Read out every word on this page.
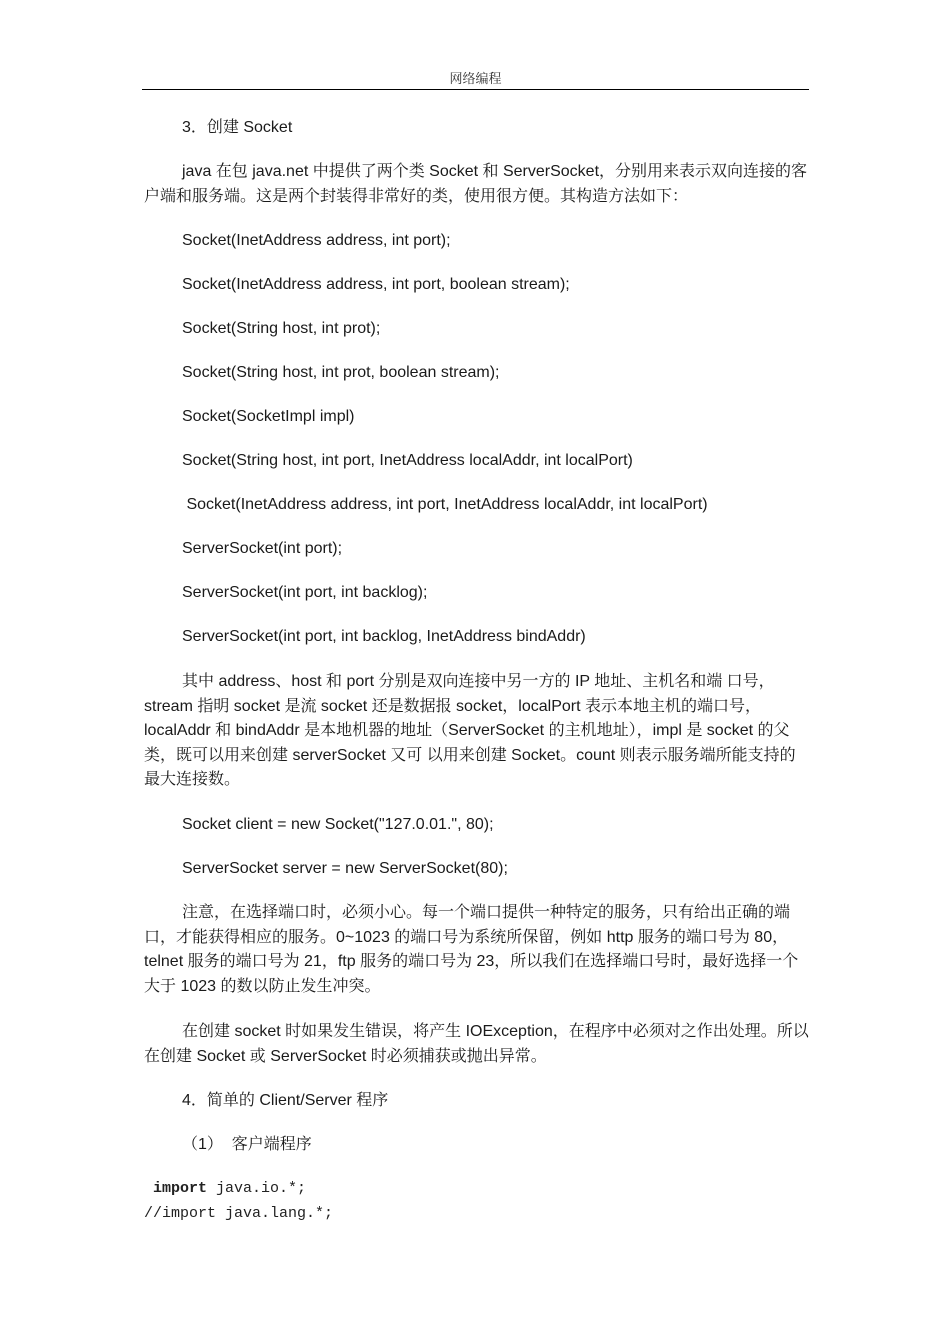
网络编程
3．创建 Socket
java 在包 java.net 中提供了两个类 Socket 和 ServerSocket，分别用来表示双向连接的客户端和服务端。这是两个封装得非常好的类，使用很方便。其构造方法如下：
Socket(InetAddress address, int port);
Socket(InetAddress address, int port, boolean stream);
Socket(String host, int prot);
Socket(String host, int prot, boolean stream);
Socket(SocketImpl impl)
Socket(String host, int port, InetAddress localAddr, int localPort)
Socket(InetAddress address, int port, InetAddress localAddr, int localPort)
ServerSocket(int port);
ServerSocket(int port, int backlog);
ServerSocket(int port, int backlog, InetAddress bindAddr)
其中 address、host 和 port 分别是双向连接中另一方的 IP 地址、主机名和端 口号，stream 指明 socket 是流 socket 还是数据报 socket，localPort 表示本地主机的端口号，localAddr 和 bindAddr 是本地机器的地址（ServerSocket 的主机地址），impl 是 socket 的父类，既可以用来创建 serverSocket 又可 以用来创建 Socket。count 则表示服务端所能支持的最大连接数。
Socket client = new Socket("127.0.01.", 80);
ServerSocket server = new ServerSocket(80);
注意，在选择端口时，必须小心。每一个端口提供一种特定的服务，只有给出正确的端口，才能获得相应的服务。0~1023 的端口号为系统所保留，例如 http 服务的端口号为 80，telnet 服务的端口号为 21，ftp 服务的端口号为 23，所以我们在选择端口号时，最好选择一个大于 1023 的数以防止发生冲突。
在创建 socket 时如果发生错误，将产生 IOException，在程序中必须对之作出处理。所以在创建 Socket 或 ServerSocket 时必须捕获或抛出异常。
4．简单的 Client/Server 程序
（1）  客户端程序
import java.io.*;
//import java.lang.*;
